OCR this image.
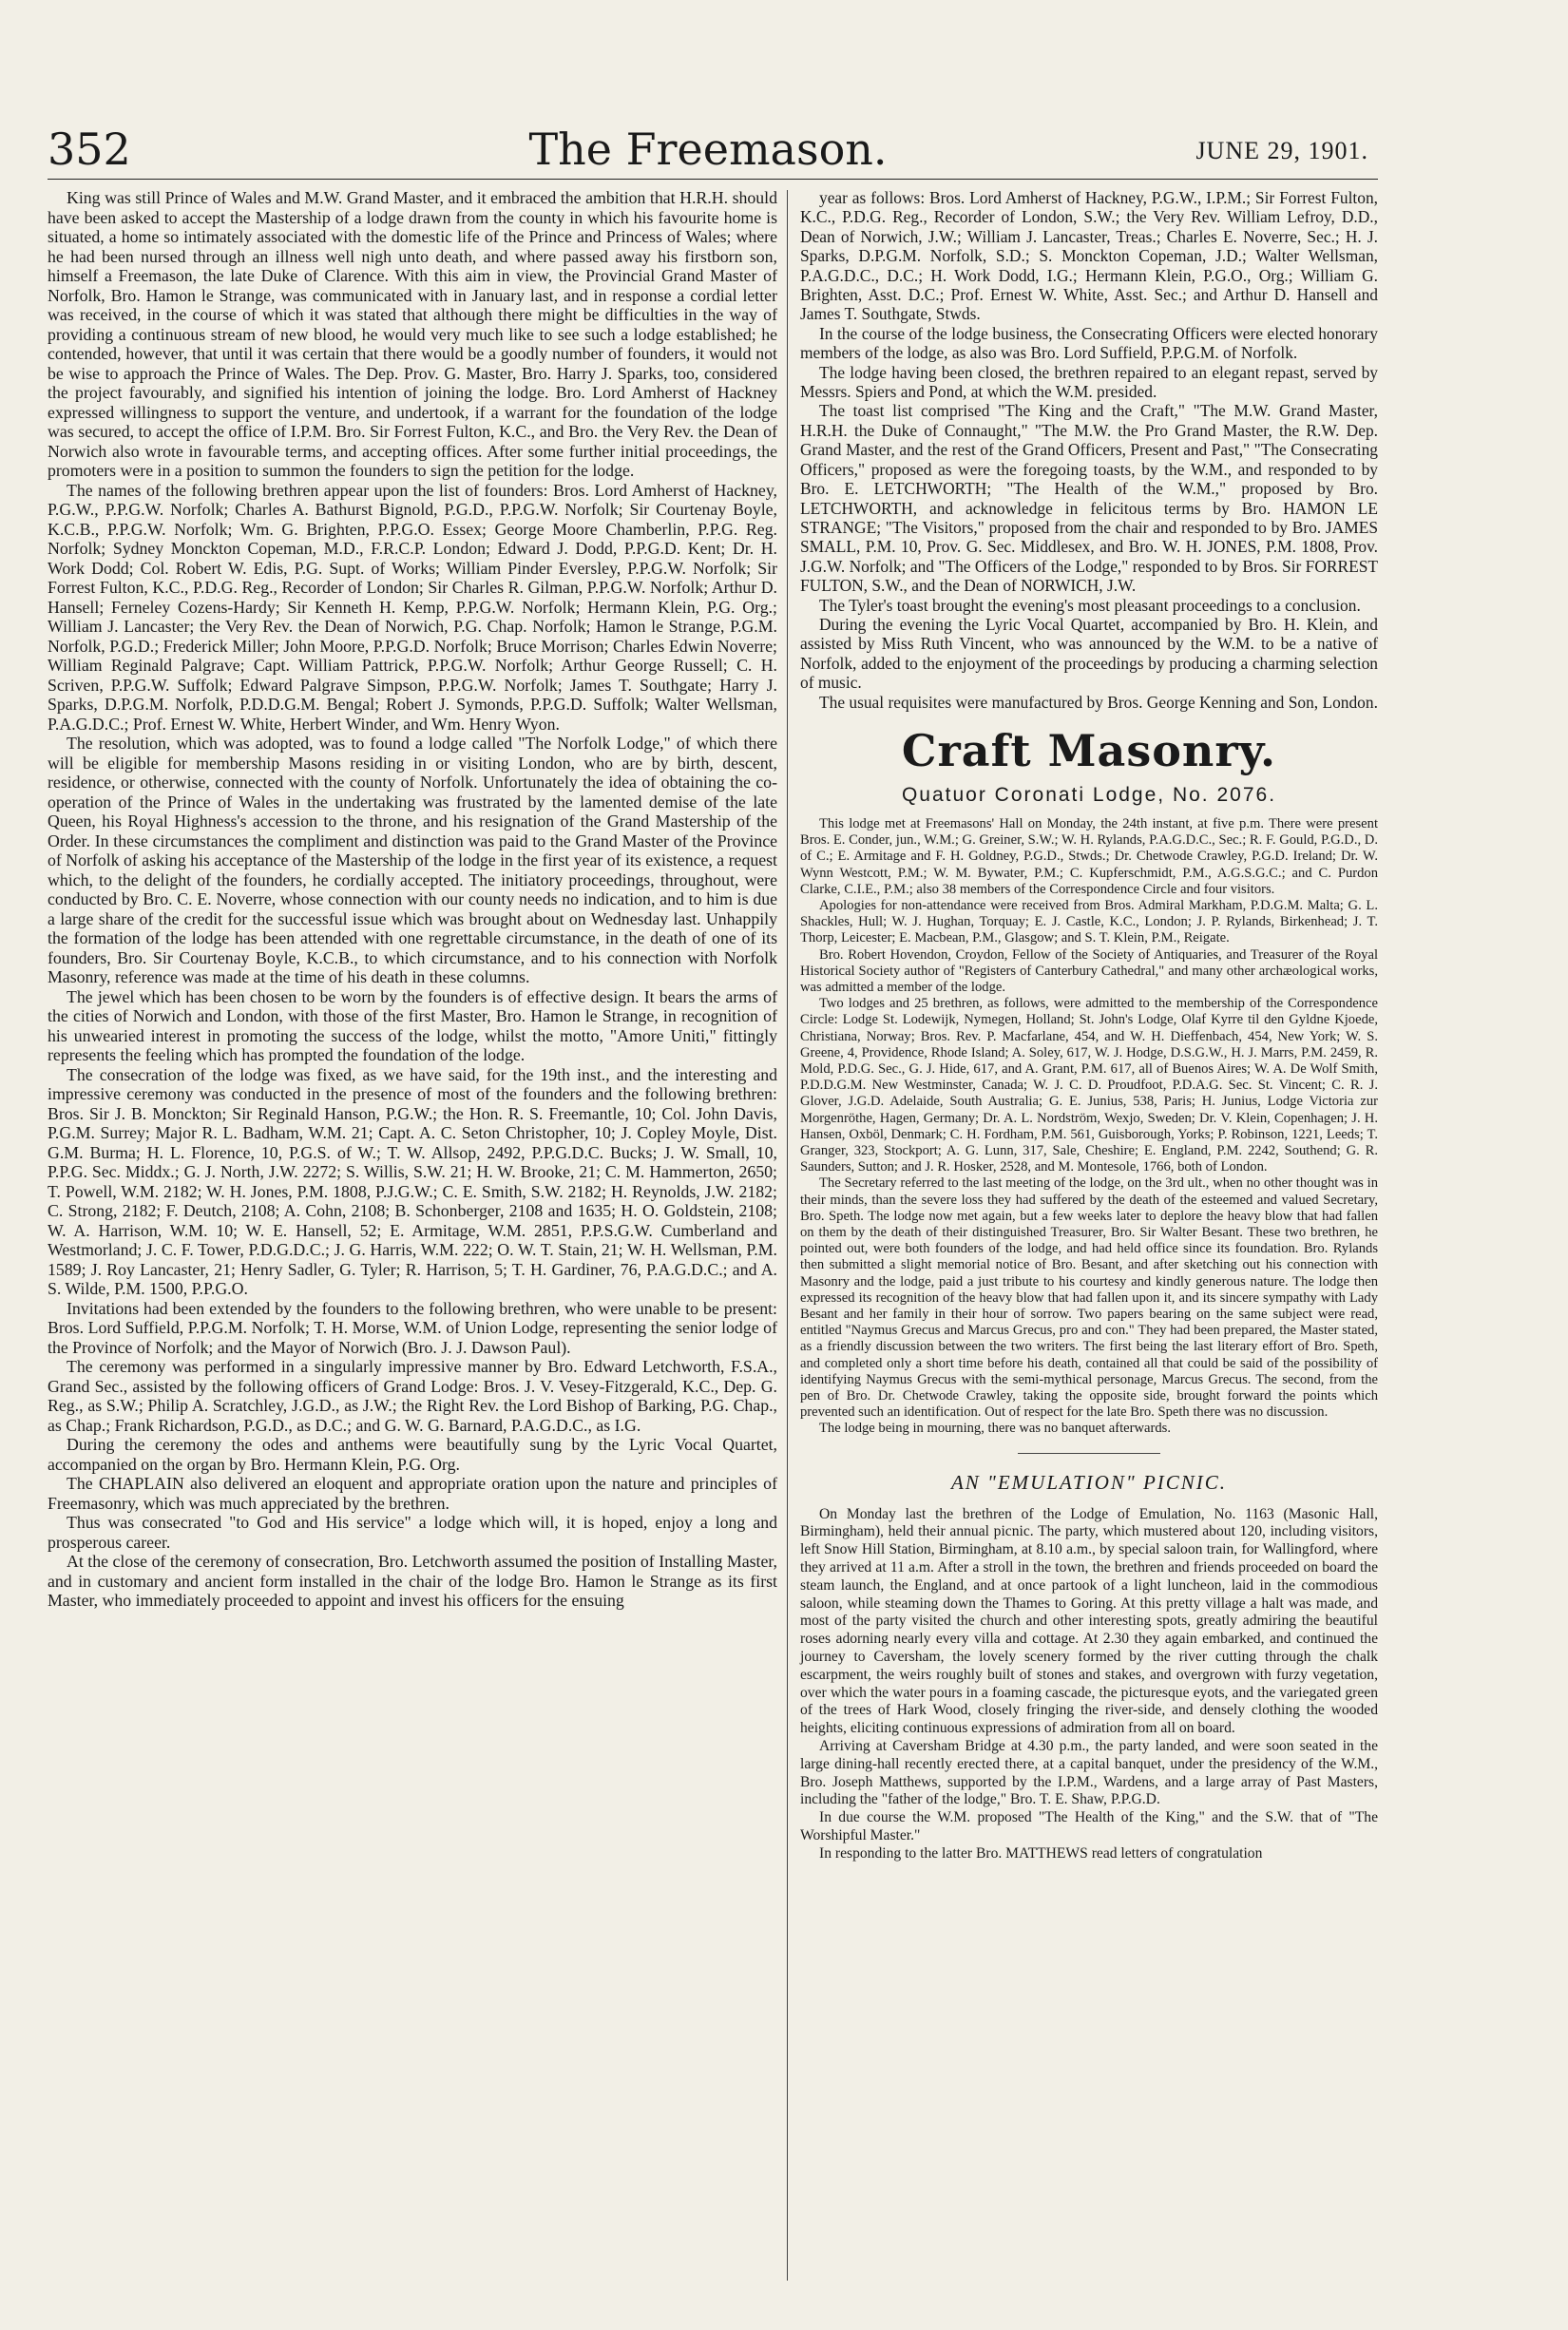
352	The Freemason.	JUNE 29, 1901.

King was still Prince of Wales and M.W. Grand Master, and it embraced the ambition that H.R.H. should have been asked to accept the Mastership of a lodge drawn from the county in which his favourite home is situated, a home so intimately associated with the domestic life of the Prince and Princess of Wales; where he had been nursed through an illness well nigh unto death, and where passed away his firstborn son, himself a Freemason, the late Duke of Clarence. With this aim in view, the Provincial Grand Master of Norfolk, Bro. Hamon le Strange, was communicated with in January last, and in response a cordial letter was received, in the course of which it was stated that although there might be difficulties in the way of providing a continuous stream of new blood, he would very much like to see such a lodge established; he contended, however, that until it was certain that there would be a goodly number of founders, it would not be wise to approach the Prince of Wales. The Dep. Prov. G. Master, Bro. Harry J. Sparks, too, considered the project favourably, and signified his intention of joining the lodge. Bro. Lord Amherst of Hackney expressed willingness to support the venture, and undertook, if a warrant for the foundation of the lodge was secured, to accept the office of I.P.M. Bro. Sir Forrest Fulton, K.C., and Bro. the Very Rev. the Dean of Norwich also wrote in favourable terms, and accepting offices. After some further initial proceedings, the promoters were in a position to summon the founders to sign the petition for the lodge.

The names of the following brethren appear upon the list of founders: Bros. Lord Amherst of Hackney, P.G.W., P.P.G.W. Norfolk; Charles A. Bathurst Bignold, P.G.D., P.P.G.W. Norfolk; Sir Courtenay Boyle, K.C.B., P.P.G.W. Norfolk; Wm. G. Brighten, P.P.G.O. Essex; George Moore Chamberlin, P.P.G. Reg. Norfolk; Sydney Monckton Copeman, M.D., F.R.C.P. London; Edward J. Dodd, P.P.G.D. Kent; Dr. H. Work Dodd; Col. Robert W. Edis, P.G. Supt. of Works; William Pinder Eversley, P.P.G.W. Norfolk; Sir Forrest Fulton, K.C., P.D.G. Reg., Recorder of London; Sir Charles R. Gilman, P.P.G.W. Norfolk; Arthur D. Hansell; Ferneley Cozens-Hardy; Sir Kenneth H. Kemp, P.P.G.W. Norfolk; Hermann Klein, P.G. Org.; William J. Lancaster; the Very Rev. the Dean of Norwich, P.G. Chap. Norfolk; Hamon le Strange, P.G.M. Norfolk, P.G.D.; Frederick Miller; John Moore, P.P.G.D. Norfolk; Bruce Morrison; Charles Edwin Noverre; William Reginald Palgrave; Capt. William Pattrick, P.P.G.W. Norfolk; Arthur George Russell; C. H. Scriven, P.P.G.W. Suffolk; Edward Palgrave Simpson, P.P.G.W. Norfolk; James T. Southgate; Harry J. Sparks, D.P.G.M. Norfolk, P.D.D.G.M. Bengal; Robert J. Symonds, P.P.G.D. Suffolk; Walter Wellsman, P.A.G.D.C.; Prof. Ernest W. White, Herbert Winder, and Wm. Henry Wyon.

The resolution, which was adopted, was to found a lodge called "The Norfolk Lodge," of which there will be eligible for membership Masons residing in or visiting London, who are by birth, descent, residence, or otherwise, connected with the county of Norfolk. Unfortunately the idea of obtaining the co-operation of the Prince of Wales in the undertaking was frustrated by the lamented demise of the late Queen, his Royal Highness's accession to the throne, and his resignation of the Grand Mastership of the Order. In these circumstances the compliment and distinction was paid to the Grand Master of the Province of Norfolk of asking his acceptance of the Mastership of the lodge in the first year of its existence, a request which, to the delight of the founders, he cordially accepted. The initiatory proceedings, throughout, were conducted by Bro. C. E. Noverre, whose connection with our county needs no indication, and to him is due a large share of the credit for the successful issue which was brought about on Wednesday last. Unhappily the formation of the lodge has been attended with one regrettable circumstance, in the death of one of its founders, Bro. Sir Courtenay Boyle, K.C.B., to which circumstance, and to his connection with Norfolk Masonry, reference was made at the time of his death in these columns.

The jewel which has been chosen to be worn by the founders is of effective design. It bears the arms of the cities of Norwich and London, with those of the first Master, Bro. Hamon le Strange, in recognition of his unwearied interest in promoting the success of the lodge, whilst the motto, "Amore Uniti," fittingly represents the feeling which has prompted the foundation of the lodge.

The consecration of the lodge was fixed, as we have said, for the 19th inst., and the interesting and impressive ceremony was conducted in the presence of most of the founders and the following brethren: Bros. Sir J. B. Monckton; Sir Reginald Hanson, P.G.W.; the Hon. R. S. Freemantle, 10; Col. John Davis, P.G.M. Surrey; Major R. L. Badham, W.M. 21; Capt. A. C. Seton Christopher, 10; J. Copley Moyle, Dist. G.M. Burma; H. L. Florence, 10, P.G.S. of W.; T. W. Allsop, 2492, P.P.G.D.C. Bucks; J. W. Small, 10, P.P.G. Sec. Middx.; G. J. North, J.W. 2272; S. Willis, S.W. 21; H. W. Brooke, 21; C. M. Hammerton, 2650; T. Powell, W.M. 2182; W. H. Jones, P.M. 1808, P.J.G.W.; C. E. Smith, S.W. 2182; H. Reynolds, J.W. 2182; C. Strong, 2182; F. Deutch, 2108; A. Cohn, 2108; B. Schonberger, 2108 and 1635; H. O. Goldstein, 2108; W. A. Harrison, W.M. 10; W. E. Hansell, 52; E. Armitage, W.M. 2851, P.P.S.G.W. Cumberland and Westmorland; J. C. F. Tower, P.D.G.D.C.; J. G. Harris, W.M. 222; O. W. T. Stain, 21; W. H. Wellsman, P.M. 1589; J. Roy Lancaster, 21; Henry Sadler, G. Tyler; R. Harrison, 5; T. H. Gardiner, 76, P.A.G.D.C.; and A. S. Wilde, P.M. 1500, P.P.G.O.

Invitations had been extended by the founders to the following brethren, who were unable to be present: Bros. Lord Suffield, P.P.G.M. Norfolk; T. H. Morse, W.M. of Union Lodge, representing the senior lodge of the Province of Norfolk; and the Mayor of Norwich (Bro. J. J. Dawson Paul).

The ceremony was performed in a singularly impressive manner by Bro. Edward Letchworth, F.S.A., Grand Sec., assisted by the following officers of Grand Lodge: Bros. J. V. Vesey-Fitzgerald, K.C., Dep. G. Reg., as S.W.; Philip A. Scratchley, J.G.D., as J.W.; the Right Rev. the Lord Bishop of Barking, P.G. Chap., as Chap.; Frank Richardson, P.G.D., as D.C.; and G. W. G. Barnard, P.A.G.D.C., as I.G.

During the ceremony the odes and anthems were beautifully sung by the Lyric Vocal Quartet, accompanied on the organ by Bro. Hermann Klein, P.G. Org.

The CHAPLAIN also delivered an eloquent and appropriate oration upon the nature and principles of Freemasonry, which was much appreciated by the brethren.

Thus was consecrated "to God and His service" a lodge which will, it is hoped, enjoy a long and prosperous career.

At the close of the ceremony of consecration, Bro. Letchworth assumed the position of Installing Master, and in customary and ancient form installed in the chair of the lodge Bro. Hamon le Strange as its first Master, who immediately proceeded to appoint and invest his officers for the ensuing

year as follows: Bros. Lord Amherst of Hackney, P.G.W., I.P.M.; Sir Forrest Fulton, K.C., P.D.G. Reg., Recorder of London, S.W.; the Very Rev. William Lefroy, D.D., Dean of Norwich, J.W.; William J. Lancaster, Treas.; Charles E. Noverre, Sec.; H. J. Sparks, D.P.G.M. Norfolk, S.D.; S. Monckton Copeman, J.D.; Walter Wellsman, P.A.G.D.C., D.C.; H. Work Dodd, I.G.; Hermann Klein, P.G.O., Org.; William G. Brighten, Asst. D.C.; Prof. Ernest W. White, Asst. Sec.; and Arthur D. Hansell and James T. Southgate, Stwds.

In the course of the lodge business, the Consecrating Officers were elected honorary members of the lodge, as also was Bro. Lord Suffield, P.P.G.M. of Norfolk.

The lodge having been closed, the brethren repaired to an elegant repast, served by Messrs. Spiers and Pond, at which the W.M. presided.

The toast list comprised "The King and the Craft," "The M.W. Grand Master, H.R.H. the Duke of Connaught," "The M.W. the Pro Grand Master, the R.W. Dep. Grand Master, and the rest of the Grand Officers, Present and Past," "The Consecrating Officers," proposed as were the foregoing toasts, by the W.M., and responded to by Bro. E. LETCHWORTH; "The Health of the W.M.," proposed by Bro. LETCHWORTH, and acknowledge in felicitous terms by Bro. HAMON LE STRANGE; "The Visitors," proposed from the chair and responded to by Bro. JAMES SMALL, P.M. 10, Prov. G. Sec. Middlesex, and Bro. W. H. JONES, P.M. 1808, Prov. J.G.W. Norfolk; and "The Officers of the Lodge," responded to by Bros. Sir FORREST FULTON, S.W., and the Dean of NORWICH, J.W.

The Tyler's toast brought the evening's most pleasant proceedings to a conclusion.

During the evening the Lyric Vocal Quartet, accompanied by Bro. H. Klein, and assisted by Miss Ruth Vincent, who was announced by the W.M. to be a native of Norfolk, added to the enjoyment of the proceedings by producing a charming selection of music.

The usual requisites were manufactured by Bros. George Kenning and Son, London.

Craft Masonry.
Quatuor Coronati Lodge, No. 2076.

This lodge met at Freemasons' Hall on Monday, the 24th instant, at five p.m. There were present Bros. E. Conder, jun., W.M.; G. Greiner, S.W.; W. H. Rylands, P.A.G.D.C., Sec.; R. F. Gould, P.G.D., D. of C.; E. Armitage and F. H. Goldney, P.G.D., Stwds.; Dr. Chetwode Crawley, P.G.D. Ireland; Dr. W. Wynn Westcott, P.M.; W. M. Bywater, P.M.; C. Kupferschmidt, P.M., A.G.S.G.C.; and C. Purdon Clarke, C.I.E., P.M.; also 38 members of the Correspondence Circle and four visitors.

Apologies for non-attendance were received from Bros. Admiral Markham, P.D.G.M. Malta; G. L. Shackles, Hull; W. J. Hughan, Torquay; E. J. Castle, K.C., London; J. P. Rylands, Birkenhead; J. T. Thorp, Leicester; E. Macbean, P.M., Glasgow; and S. T. Klein, P.M., Reigate.

Bro. Robert Hovendon, Croydon, Fellow of the Society of Antiquaries, and Treasurer of the Royal Historical Society author of "Registers of Canterbury Cathedral," and many other archæological works, was admitted a member of the lodge.

Two lodges and 25 brethren, as follows, were admitted to the membership of the Correspondence Circle: Lodge St. Lodewijk, Nymegen, Holland; St. John's Lodge, Olaf Kyrre til den Gyldne Kjoede, Christiana, Norway; Bros. Rev. P. Macfarlane, 454, and W. H. Dieffenbach, 454, New York; W. S. Greene, 4, Providence, Rhode Island; A. Soley, 617, W. J. Hodge, D.S.G.W., H. J. Marrs, P.M. 2459, R. Mold, P.D.G. Sec., G. J. Hide, 617, and A. Grant, P.M. 617, all of Buenos Aires; W. A. De Wolf Smith, P.D.D.G.M. New Westminster, Canada; W. J. C. D. Proudfoot, P.D.A.G. Sec. St. Vincent; C. R. J. Glover, J.G.D. Adelaide, South Australia; G. E. Junius, 538, Paris; H. Junius, Lodge Victoria zur Morgenröthe, Hagen, Germany; Dr. A. L. Nordström, Wexjo, Sweden; Dr. V. Klein, Copenhagen; J. H. Hansen, Oxböl, Denmark; C. H. Fordham, P.M. 561, Guisborough, Yorks; P. Robinson, 1221, Leeds; T. Granger, 323, Stockport; A. G. Lunn, 317, Sale, Cheshire; E. England, P.M. 2242, Southend; G. R. Saunders, Sutton; and J. R. Hosker, 2528, and M. Montesole, 1766, both of London.

The Secretary referred to the last meeting of the lodge, on the 3rd ult., when no other thought was in their minds, than the severe loss they had suffered by the death of the esteemed and valued Secretary, Bro. Speth. The lodge now met again, but a few weeks later to deplore the heavy blow that had fallen on them by the death of their distinguished Treasurer, Bro. Sir Walter Besant. These two brethren, he pointed out, were both founders of the lodge, and had held office since its foundation. Bro. Rylands then submitted a slight memorial notice of Bro. Besant, and after sketching out his connection with Masonry and the lodge, paid a just tribute to his courtesy and kindly generous nature. The lodge then expressed its recognition of the heavy blow that had fallen upon it, and its sincere sympathy with Lady Besant and her family in their hour of sorrow. Two papers bearing on the same subject were read, entitled "Naymus Grecus and Marcus Grecus, pro and con." They had been prepared, the Master stated, as a friendly discussion between the two writers. The first being the last literary effort of Bro. Speth, and completed only a short time before his death, contained all that could be said of the possibility of identifying Naymus Grecus with the semi-mythical personage, Marcus Grecus. The second, from the pen of Bro. Dr. Chetwode Crawley, taking the opposite side, brought forward the points which prevented such an identification. Out of respect for the late Bro. Speth there was no discussion.

The lodge being in mourning, there was no banquet afterwards.

AN "EMULATION" PICNIC.

On Monday last the brethren of the Lodge of Emulation, No. 1163 (Masonic Hall, Birmingham), held their annual picnic. The party, which mustered about 120, including visitors, left Snow Hill Station, Birmingham, at 8.10 a.m., by special saloon train, for Wallingford, where they arrived at 11 a.m. After a stroll in the town, the brethren and friends proceeded on board the steam launch, the England, and at once partook of a light luncheon, laid in the commodious saloon, while steaming down the Thames to Goring. At this pretty village a halt was made, and most of the party visited the church and other interesting spots, greatly admiring the beautiful roses adorning nearly every villa and cottage. At 2.30 they again embarked, and continued the journey to Caversham, the lovely scenery formed by the river cutting through the chalk escarpment, the weirs roughly built of stones and stakes, and overgrown with furzy vegetation, over which the water pours in a foaming cascade, the picturesque eyots, and the variegated green of the trees of Hark Wood, closely fringing the river-side, and densely clothing the wooded heights, eliciting continuous expressions of admiration from all on board.

Arriving at Caversham Bridge at 4.30 p.m., the party landed, and were soon seated in the large dining-hall recently erected there, at a capital banquet, under the presidency of the W.M., Bro. Joseph Matthews, supported by the I.P.M., Wardens, and a large array of Past Masters, including the "father of the lodge," Bro. T. E. Shaw, P.P.G.D.

In due course the W.M. proposed "The Health of the King," and the S.W. that of "The Worshipful Master."

In responding to the latter Bro. MATTHEWS read letters of congratulation
